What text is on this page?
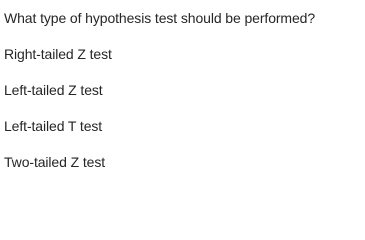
What type of hypothesis test should be performed?
Right-tailed Z test
Left-tailed Z test
Left-tailed T test
Two-tailed Z test
